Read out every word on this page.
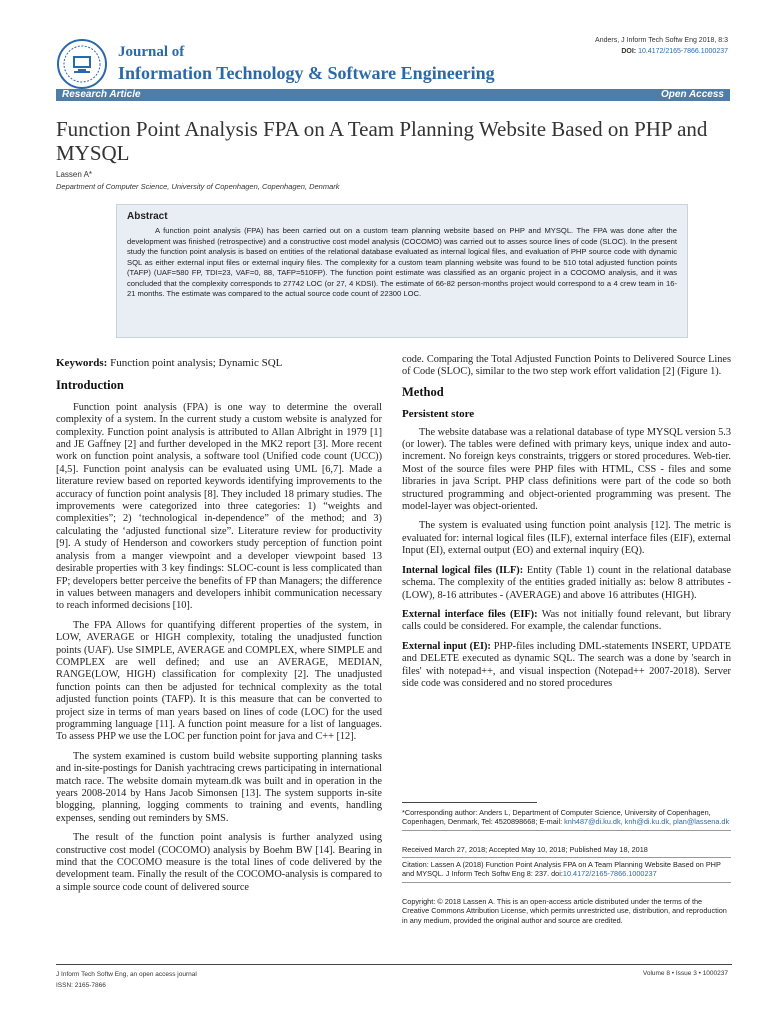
Journal of
Information Technology & Software Engineering
Anders, J Inform Tech Softw Eng 2018, 8:3
DOI: 10.4172/2165-7866.1000237
Research Article	Open Access
Function Point Analysis FPA on A Team Planning Website Based on PHP and MYSQL
Lassen A*
Department of Computer Science, University of Copenhagen, Copenhagen, Denmark
Abstract

A function point analysis (FPA) has been carried out on a custom team planning website based on PHP and MYSQL. The FPA was done after the development was finished (retrospective) and a constructive cost model analysis (COCOMO) was carried out to asses source lines of code (SLOC). In the present study the function point analysis is based on entities of the relational database evaluated as internal logical files, and evaluation of PHP source code with dynamic SQL as either external input files or external inquiry files. The complexity for a custom team planning website was found to be 510 total adjusted function points (TAFP) (UAF=580 FP, TDI=23, VAF=0, 88, TAFP=510FP). The function point estimate was classified as an organic project in a COCOMO analysis, and it was concluded that the complexity corresponds to 27742 LOC (or 27, 4 KDSI). The estimate of 66-82 person-months project would correspond to a 4 crew team in 16-21 months. The estimate was compared to the actual source code count of 22300 LOC.

Keywords: Function point analysis; Dynamic SQL

Introduction

Function point analysis (FPA) is one way to determine the overall complexity of a system. In the current study a custom website is analyzed for complexity. Function point analysis is attributed to Allan Albright in 1979 [1] and JE Gaffney [2] and further developed in the MK2 report [3]. More recent work on function point analysis, a software tool (Unified code count (UCC)) [4,5]. Function point analysis can be evaluated using UML [6,7]. Made a literature review based on reported keywords identifying improvements to the accuracy of function point analysis [8]. They included 18 primary studies. The improvements were categorized into three categories: 1) “weights and complexities”; 2) ‘technological in-dependence” of the method; and 3) calculating the ‘adjusted functional size”. Literature review for productivity [9]. A study of Henderson and coworkers study perception of function point analysis from a manger viewpoint and a developer viewpoint based 13 desirable properties with 3 key findings: SLOC-count is less complicated than FP; developers better perceive the benefits of FP than Managers; the difference in values between managers and developers inhibit communication necessary to reach informed decisions [10].

The FPA Allows for quantifying different properties of the system, in LOW, AVERAGE or HIGH complexity, totaling the unadjusted function points (UAF). Use SIMPLE, AVERAGE and COMPLEX, where SIMPLE and COMPLEX are well defined; and use an AVERAGE, MEDIAN, RANGE(LOW, HIGH) classification for complexity [2]. The unadjusted function points can then be adjusted for technical complexity as the total adjusted function points (TAFP). It is this measure that can be converted to project size in terms of man years based on lines of code (LOC) for the used programming language [11]. A function point measure for a list of languages. To assess PHP we use the LOC per function point for java and C++ [12].

The system examined is custom build website supporting planning tasks and in-site-postings for Danish yachtracing crews participating in international match race. The website domain myteam.dk was built and in operation in the years 2008-2014 by Hans Jacob Simonsen [13]. The system supports in-site blogging, planning, logging comments to training and events, handling expenses, sending out reminders by SMS.

The result of the function point analysis is further analyzed using constructive cost model (COCOMO) analysis by Boehm BW [14]. Bearing in mind that the COCOMO measure is the total lines of code delivered by the development team. Finally the result of the COCOMO-analysis is compared to a simple source code count of delivered source

code. Comparing the Total Adjusted Function Points to Delivered Source Lines of Code (SLOC), similar to the two step work effort validation [2] (Figure 1).

Method
Persistent store

The website database was a relational database of type MYSQL version 5.3 (or lower). The tables were defined with primary keys, unique index and auto-increment. No foreign keys constraints, triggers or stored procedures. Web-tier. Most of the source files were PHP files with HTML, CSS - files and some libraries in java Script. PHP class definitions were part of the code so both structured programming and object-oriented programming was present. The model-layer was object-oriented.

The system is evaluated using function point analysis [12]. The metric is evaluated for: internal logical files (ILF), external interface files (EIF), external Input (EI), external output (EO) and external inquiry (EQ).

Internal logical files (ILF): Entity (Table 1) count in the relational database schema. The complexity of the entities graded initially as: below 8 attributes - (LOW), 8-16 attributes - (AVERAGE) and above 16 attributes (HIGH).

External interface files (EIF): Was not initially found relevant, but library calls could be considered. For example, the calendar functions.

External input (EI): PHP-files including DML-statements INSERT, UPDATE and DELETE executed as dynamic SQL. The search was a done by 'search in files' with notepad++, and visual inspection (Notepad++ 2007-2018). Server side code was considered and no stored procedures

*Corresponding author: Anders L, Department of Computer Science, University of Copenhagen, Copenhagen, Denmark, Tel: 4520898668; E-mail: knh487@di.ku.dk, knh@di.ku.dk, plan@lassena.dk
Received March 27, 2018; Accepted May 10, 2018; Published May 18, 2018
Citation: Lassen A (2018) Function Point Analysis FPA on A Team Planning Website Based on PHP and MYSQL. J Inform Tech Softw Eng 8: 237. doi:10.4172/2165-7866.1000237
Copyright: © 2018 Lassen A. This is an open-access article distributed under the terms of the Creative Commons Attribution License, which permits unrestricted use, distribution, and reproduction in any medium, provided the original author and source are credited.
J Inform Tech Softw Eng, an open access journal
ISSN: 2165-7866
Volume 8 • Issue 3 • 1000237
